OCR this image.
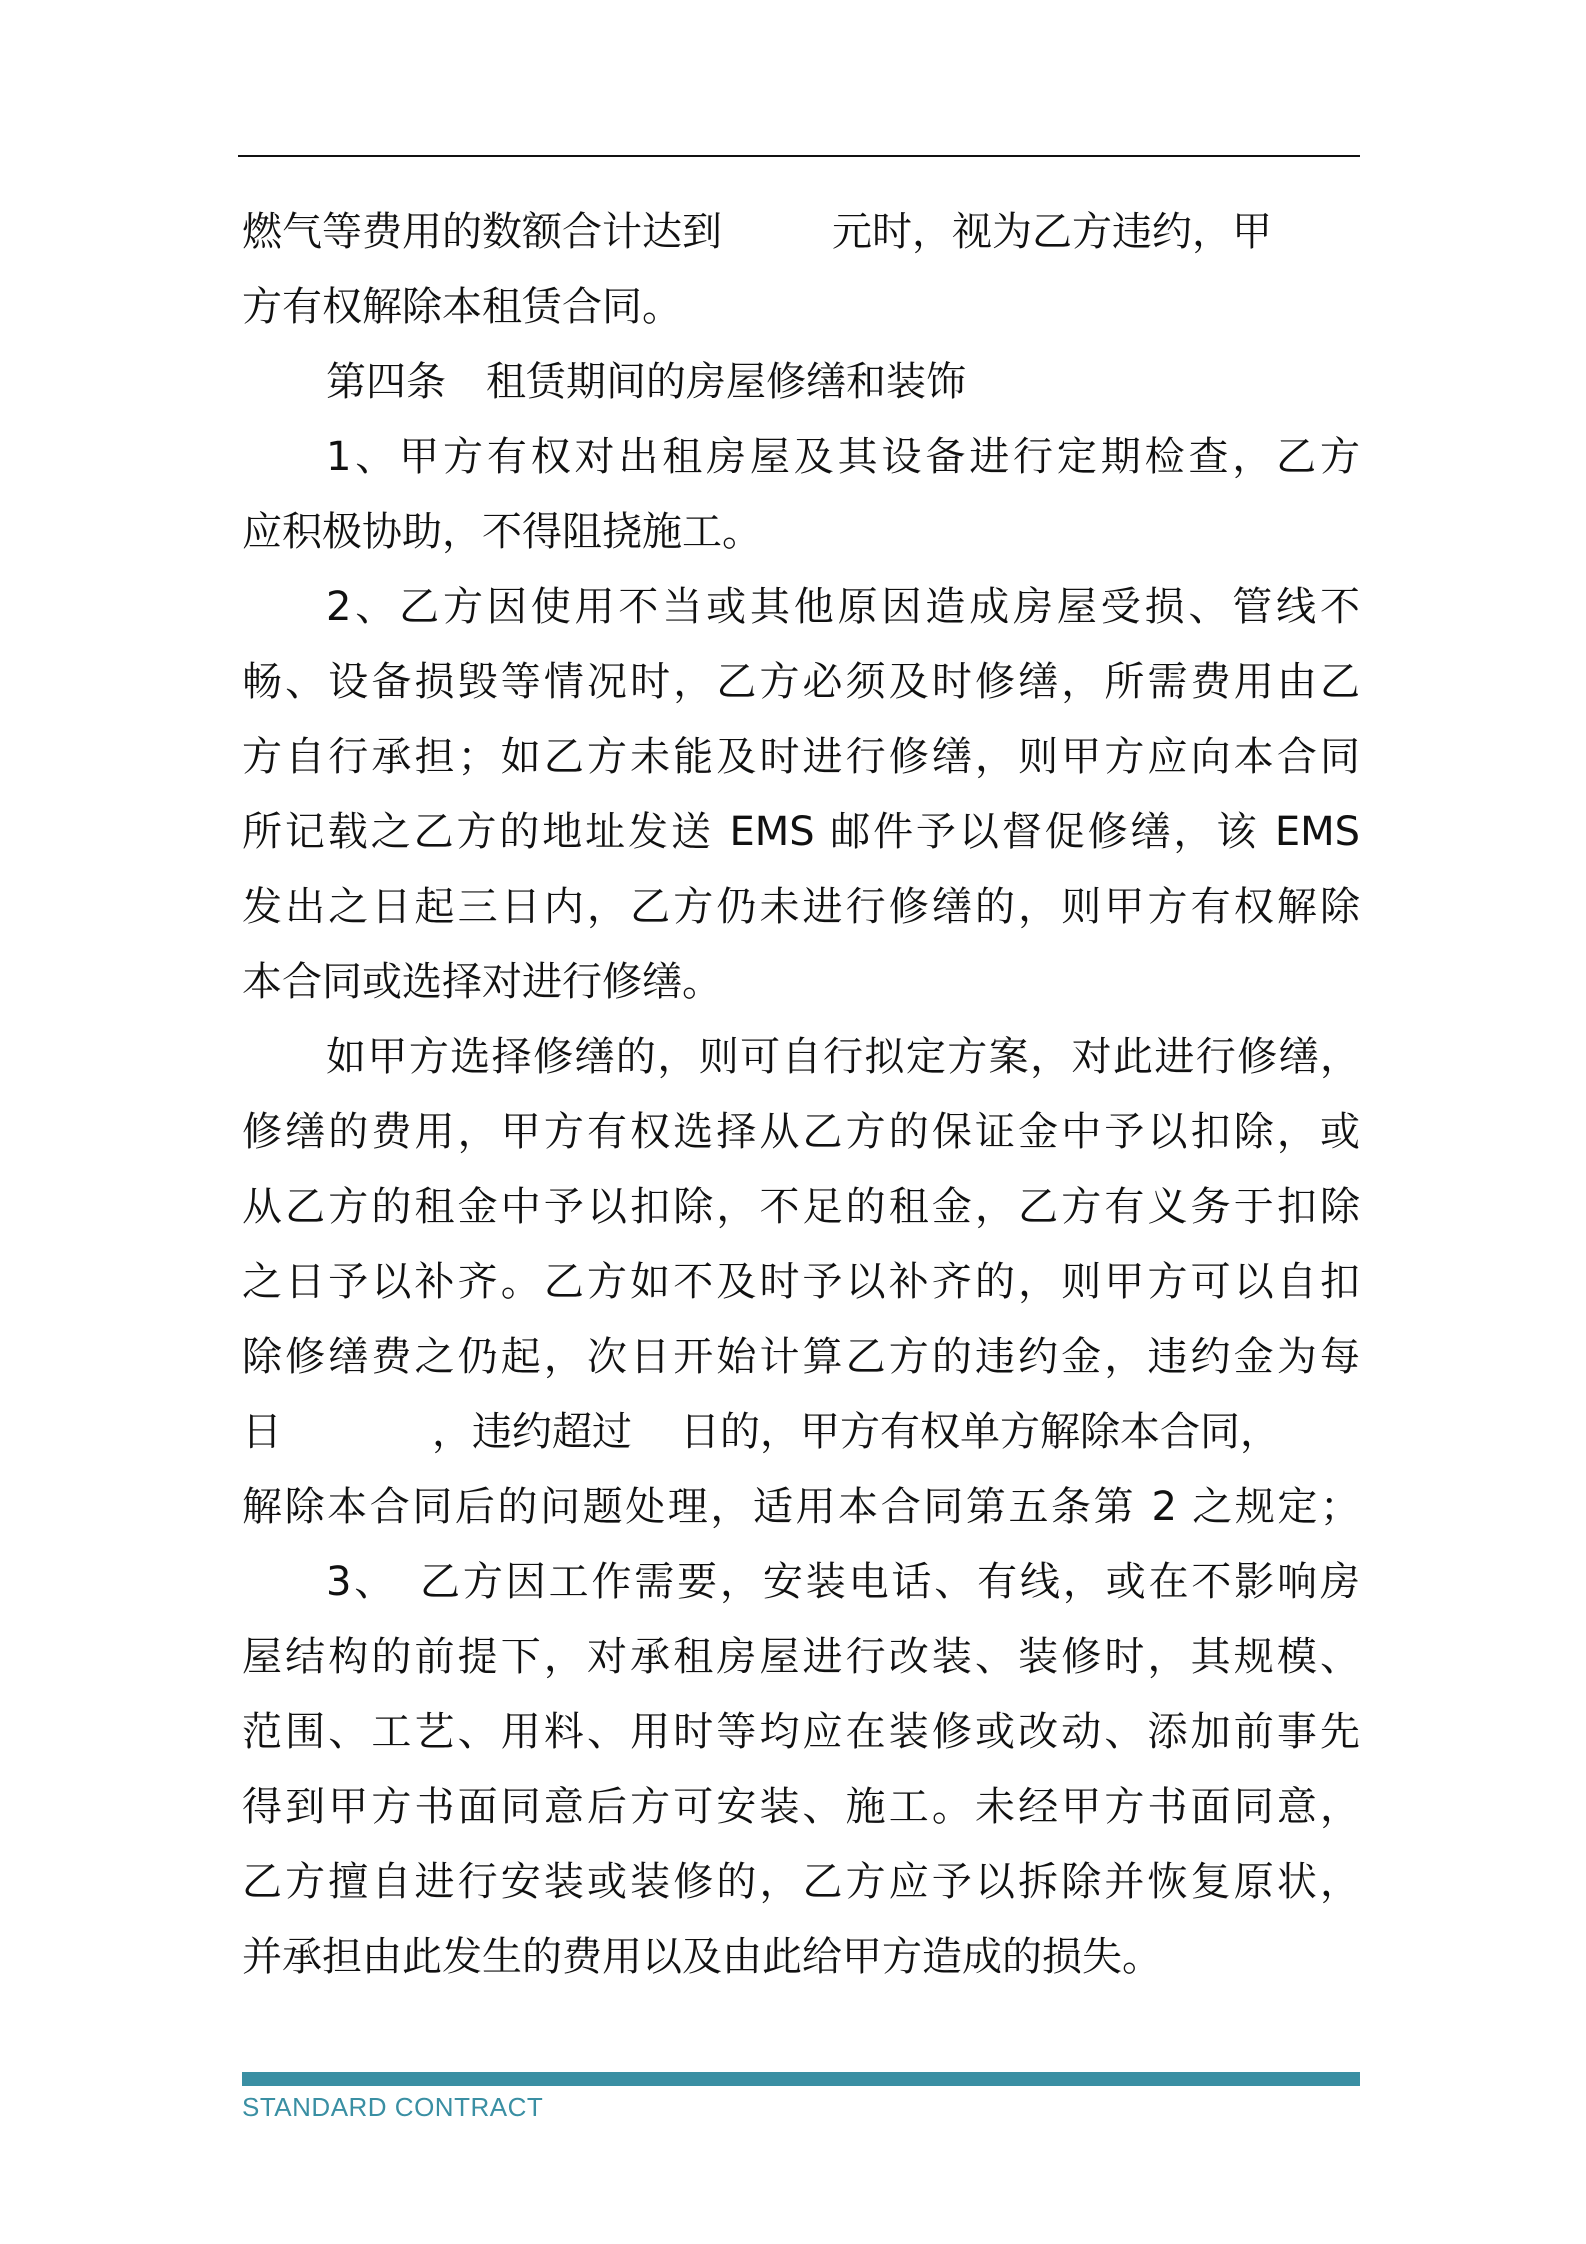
燃气等费用的数额合计达到	元时，视为乙方违约，甲
方有权解除本租赁合同。
第四条　租赁期间的房屋修缮和装饰
1、甲方有权对出租房屋及其设备进行定期检查，乙方
应积极协助，不得阻挠施工。
2、乙方因使用不当或其他原因造成房屋受损、管线不
畅、设备损毁等情况时，乙方必须及时修缮，所需费用由乙
方自行承担；如乙方未能及时进行修缮，则甲方应向本合同
所记载之乙方的地址发送 EMS 邮件予以督促修缮，该 EMS
发出之日起三日内，乙方仍未进行修缮的，则甲方有权解除
本合同或选择对进行修缮。
如甲方选择修缮的，则可自行拟定方案，对此进行修缮，
修缮的费用，甲方有权选择从乙方的保证金中予以扣除，或
从乙方的租金中予以扣除，不足的租金，乙方有义务于扣除
之日予以补齐。乙方如不及时予以补齐的，则甲方可以自扣
除修缮费之仍起，次日开始计算乙方的违约金，违约金为每
日	，违约超过 日的，甲方有权单方解除本合同，
解除本合同后的问题处理，适用本合同第五条第 2 之规定；
3、　乙方因工作需要，安装电话、有线，或在不影响房
屋结构的前提下，对承租房屋进行改装、装修时，其规模、
范围、工艺、用料、用时等均应在装修或改动、添加前事先
得到甲方书面同意后方可安装、施工。未经甲方书面同意，
乙方擅自进行安装或装修的，乙方应予以拆除并恢复原状，
并承担由此发生的费用以及由此给甲方造成的损失。
STANDARD CONTRACT
